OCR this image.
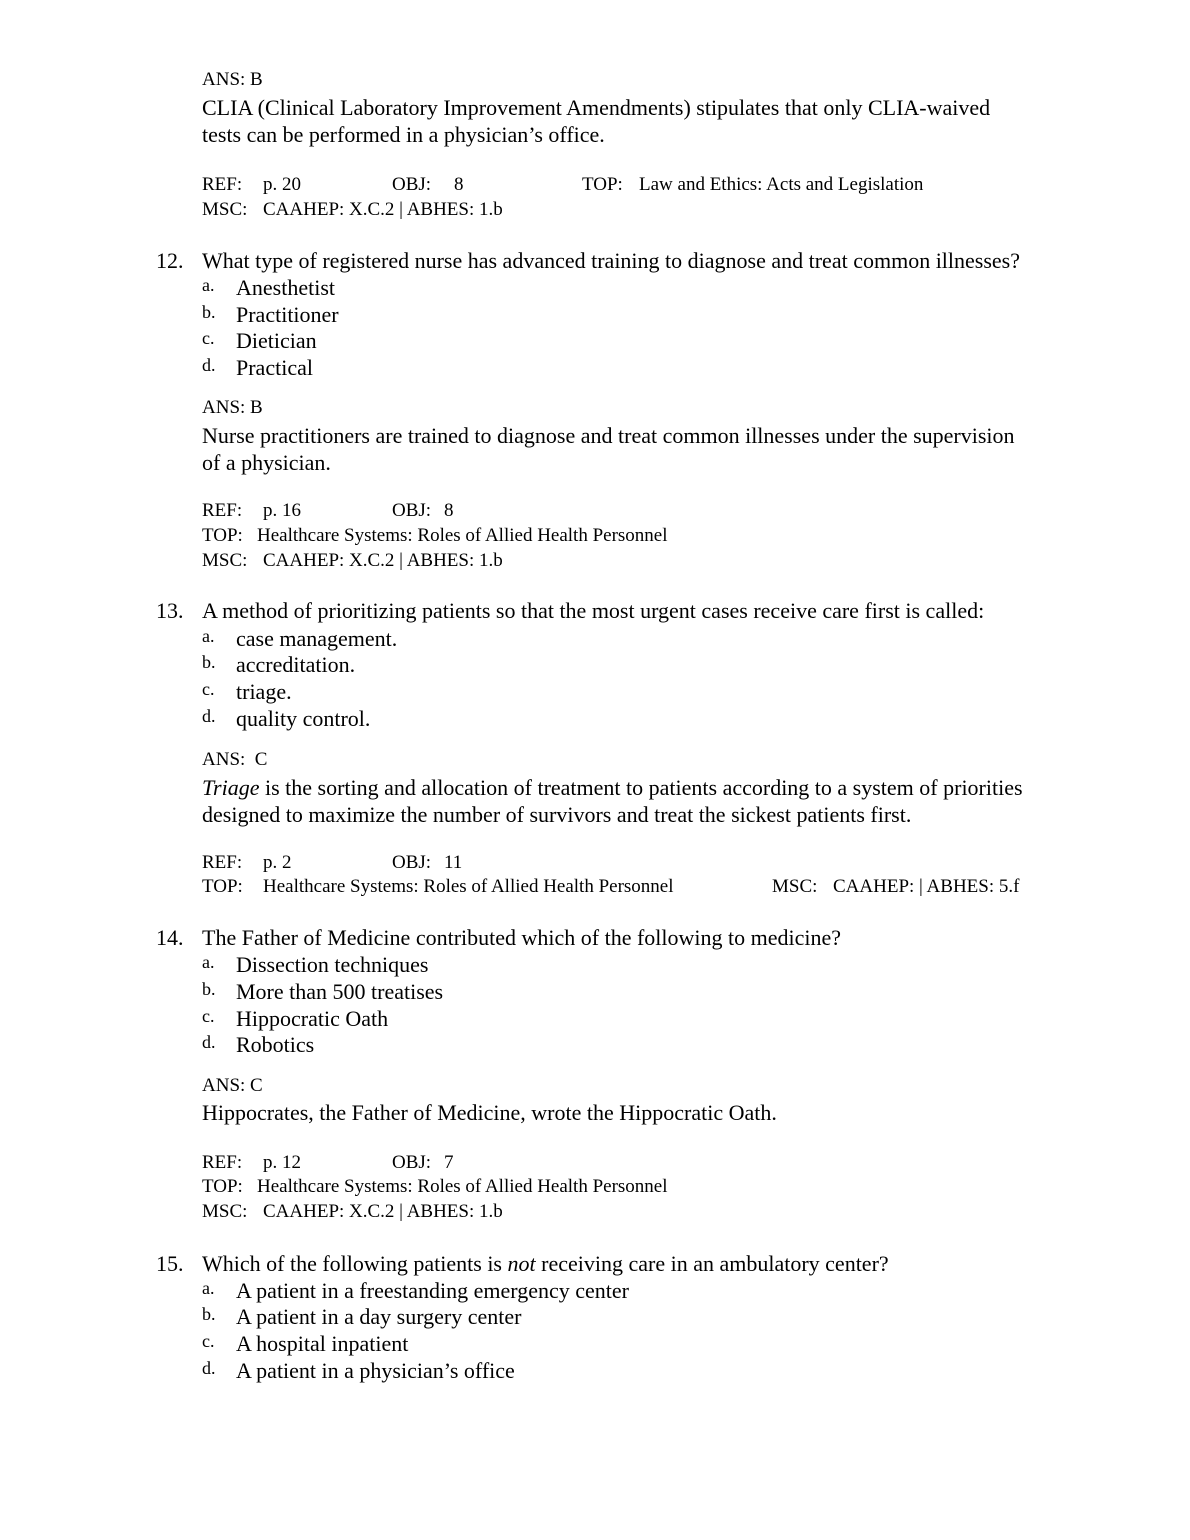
ANS: B
CLIA (Clinical Laboratory Improvement Amendments) stipulates that only CLIA-waived
tests can be performed in a physician’s office.
REF: p. 20	OBJ: 8	TOP: Law and Ethics: Acts and Legislation
MSC: CAAHEP: X.C.2 | ABHES: 1.b
12. What type of registered nurse has advanced training to diagnose and treat common illnesses?
a. Anesthetist
b. Practitioner
c. Dietician
d. Practical
ANS: B
Nurse practitioners are trained to diagnose and treat common illnesses under the supervision
of a physician.
REF: p. 16	OBJ: 8
TOP: Healthcare Systems: Roles of Allied Health Personnel
MSC: CAAHEP: X.C.2 | ABHES: 1.b
13. A method of prioritizing patients so that the most urgent cases receive care first is called:
a. case management.
b. accreditation.
c. triage.
d. quality control.
ANS: C
Triage is the sorting and allocation of treatment to patients according to a system of priorities
designed to maximize the number of survivors and treat the sickest patients first.
REF: p. 2	OBJ: 11
TOP: Healthcare Systems: Roles of Allied Health Personnel	MSC: CAAHEP: | ABHES: 5.f
14. The Father of Medicine contributed which of the following to medicine?
a. Dissection techniques
b. More than 500 treatises
c. Hippocratic Oath
d. Robotics
ANS: C
Hippocrates, the Father of Medicine, wrote the Hippocratic Oath.
REF: p. 12	OBJ: 7
TOP: Healthcare Systems: Roles of Allied Health Personnel
MSC: CAAHEP: X.C.2 | ABHES: 1.b
15. Which of the following patients is not receiving care in an ambulatory center?
a. A patient in a freestanding emergency center
b. A patient in a day surgery center
c. A hospital inpatient
d. A patient in a physician’s office
